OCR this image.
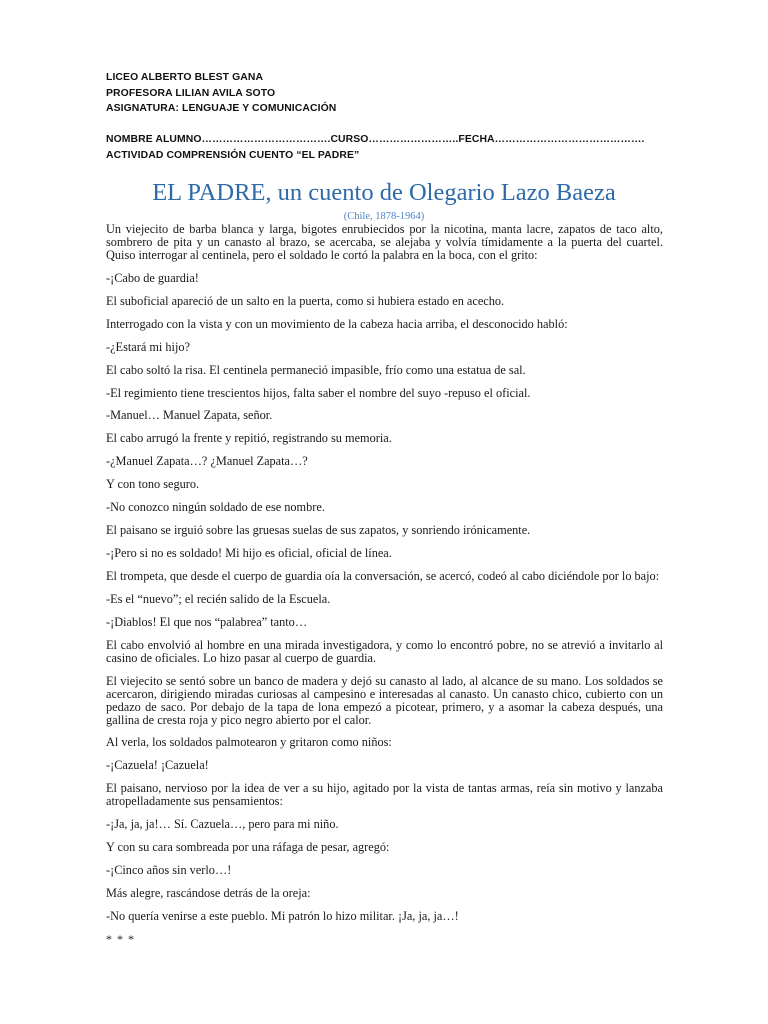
LICEO ALBERTO BLEST GANA
PROFESORA LILIAN AVILA SOTO
ASIGNATURA: LENGUAJE Y COMUNICACIÓN
NOMBRE ALUMNO……………………………….CURSO……………………..FECHA…………………………………….
ACTIVIDAD COMPRENSIÓN CUENTO “EL PADRE”
EL PADRE, un cuento de Olegario Lazo Baeza
(Chile, 1878-1964)

Un viejecito de barba blanca y larga, bigotes enrubiecidos por la nicotina, manta lacre, zapatos de taco alto, sombrero de pita y un canasto al brazo, se acercaba, se alejaba y volvía tímidamente a la puerta del cuartel. Quiso interrogar al centinela, pero el soldado le cortó la palabra en la boca, con el grito:

-¡Cabo de guardia!

El suboficial apareció de un salto en la puerta, como si hubiera estado en acecho.

Interrogado con la vista y con un movimiento de la cabeza hacia arriba, el desconocido habló:

-¿Estará mi hijo?

El cabo soltó la risa. El centinela permaneció impasible, frío como una estatua de sal.

-El regimiento tiene trescientos hijos, falta saber el nombre del suyo -repuso el oficial.

-Manuel… Manuel Zapata, señor.

El cabo arrugó la frente y repitió, registrando su memoria.

-¿Manuel Zapata…? ¿Manuel Zapata…?

Y con tono seguro.

-No conozco ningún soldado de ese nombre.

El paisano se irguió sobre las gruesas suelas de sus zapatos, y sonriendo irónicamente.

-¡Pero si no es soldado! Mi hijo es oficial, oficial de línea.

El trompeta, que desde el cuerpo de guardia oía la conversación, se acercó, codeó al cabo diciéndole por lo bajo:

-Es el “nuevo”; el recién salido de la Escuela.

-¡Diablos! El que nos “palabrea” tanto…

El cabo envolvió al hombre en una mirada investigadora, y como lo encontró pobre, no se atrevió a invitarlo al casino de oficiales. Lo hizo pasar al cuerpo de guardia.

El viejecito se sentó sobre un banco de madera y dejó su canasto al lado, al alcance de su mano. Los soldados se acercaron, dirigiendo miradas curiosas al campesino e interesadas al canasto. Un canasto chico, cubierto con un pedazo de saco. Por debajo de la tapa de lona empezó a picotear, primero, y a asomar la cabeza después, una gallina de cresta roja y pico negro abierto por el calor.

Al verla, los soldados palmotearon y gritaron como niños:

-¡Cazuela! ¡Cazuela!

El paisano, nervioso por la idea de ver a su hijo, agitado por la vista de tantas armas, reía sin motivo y lanzaba atropelladamente sus pensamientos:

-¡Ja, ja, ja!… Sí. Cazuela…, pero para mi niño.

Y con su cara sombreada por una ráfaga de pesar, agregó:

-¡Cinco años sin verlo…!

Más alegre, rascándose detrás de la oreja:

-No quería venirse a este pueblo. Mi patrón lo hizo militar. ¡Ja, ja, ja…!

* * *
